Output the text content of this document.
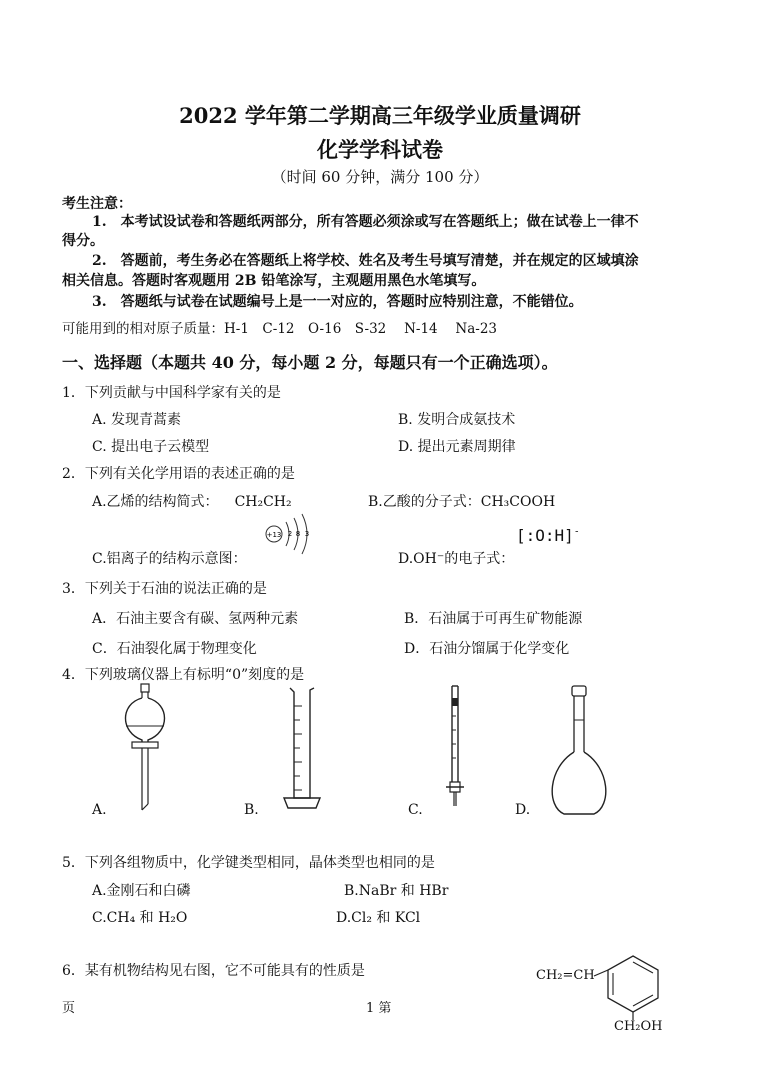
2022 学年第二学期高三年级学业质量调研
化学学科试卷
（时间 60 分钟，满分 100 分）
考生注意：
1.　本考试设试卷和答题纸两部分，所有答题必须涂或写在答题纸上；做在试卷上一律不
得分。
2.　答题前，考生务必在答题纸上将学校、姓名及考生号填写清楚，并在规定的区域填涂
相关信息。答题时客观题用 2B 铅笔涂写，主观题用黑色水笔填写。
3.　答题纸与试卷在试题编号上是一一对应的，答题时应特别注意，不能错位。
可能用到的相对原子质量：H-1　C-12　O-16　S-32　 N-14　 Na-23
一、选择题（本题共 40 分，每小题 2 分，每题只有一个正确选项）。
1．下列贡献与中国科学家有关的是
A. 发现青蒿素	B. 发明合成氨技术
C. 提出电子云模型	D. 提出元素周期律
2．下列有关化学用语的表述正确的是
A.乙烯的结构简式： CH₂CH₂	B.乙酸的分子式：CH₃COOH
C.铝离子的结构示意图：
+13 2 8 3
D.OH⁻的电子式：
[:O:H]-
3．下列关于石油的说法正确的是
A．石油主要含有碳、氢两种元素	B．石油属于可再生矿物能源
C．石油裂化属于物理变化	D．石油分馏属于化学变化
4．下列玻璃仪器上有标明“0”刻度的是
A.	B.	C.	D.
5．下列各组物质中，化学键类型相同，晶体类型也相同的是
A.金刚石和白磷	B.NaBr 和 HBr
C.CH₄ 和 H₂O	D.Cl₂ 和 KCl
6．某有机物结构见右图，它不可能具有的性质是	CH₂=CH
CH₂OH
页	1 第
